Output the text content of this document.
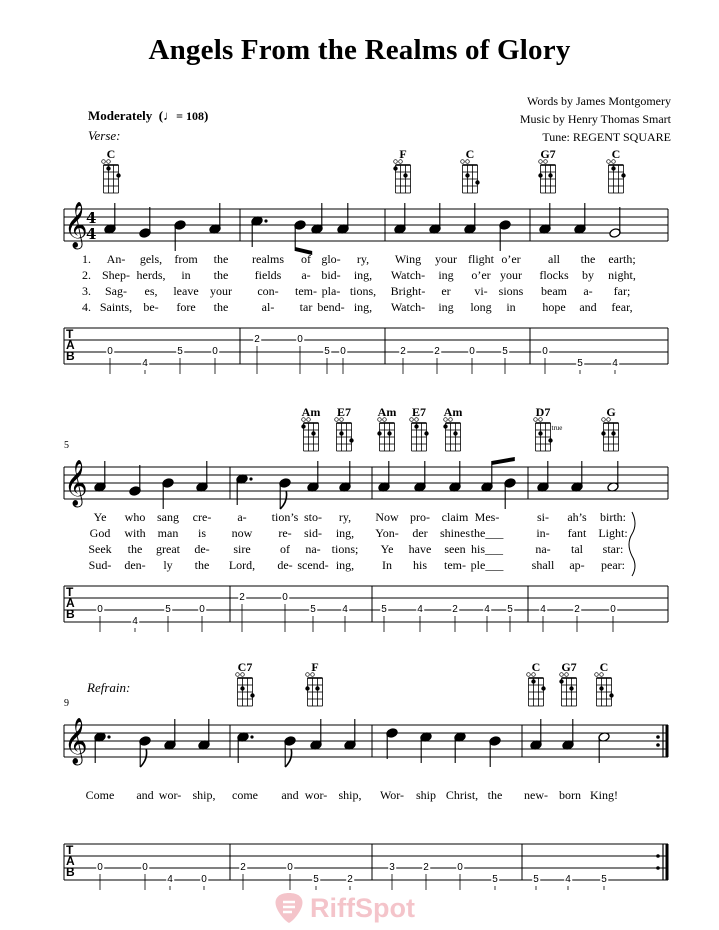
Angels From the Realms of Glory
Words by James Montgomery
Music by Henry Thomas Smart
Tune: REGENT SQUARE
Moderately  (♩= 108)
Verse:
Refrain:
5
9
𝄞
4
4
T
A
B
𝄞
T
A
B
𝄞
T
A
B
0
4
5	0
2	0
5 0	2	2	0	5	0
5	4
0
4
5	0
2	0
5	4	5	4	2	4 5	4	2	0
0	0
4	0
2	0
5	2
3	2	0
5	5	4	5
C	F	C	G7	C
Am E7 Am E7 Am	D7
true
G
C7	F	C G7 C
1.
2.
3.
4.
An- gels, from the realms of glo- ry, Wing your flight o’er all the earth;
Shep- herds, in the fields a- bid- ing, Watch- ing o’er your flocks by night,
Sag- es, leave your con- tem- pla- tions, Bright- er vi- sions beam a- far;
Saints, be- fore the	al- tar bend- ing, Watch- ing long in hope and fear,
Ye who sang cre- a- tion’s sto- ry, Now pro- claim Mes-	si- ah’s birth:
God with man is now re- sid- ing, Yon- der shines the___	in- fant Light:
Seek the great de- sire of na- tions; Ye have seen his___	na- tal star:
Sud- den- ly the Lord, de- scend- ing, In his tem- ple___ shall ap- pear:
Come and wor- ship, come and wor- ship, Wor- ship Christ, the new- born King!
RiffSpot
